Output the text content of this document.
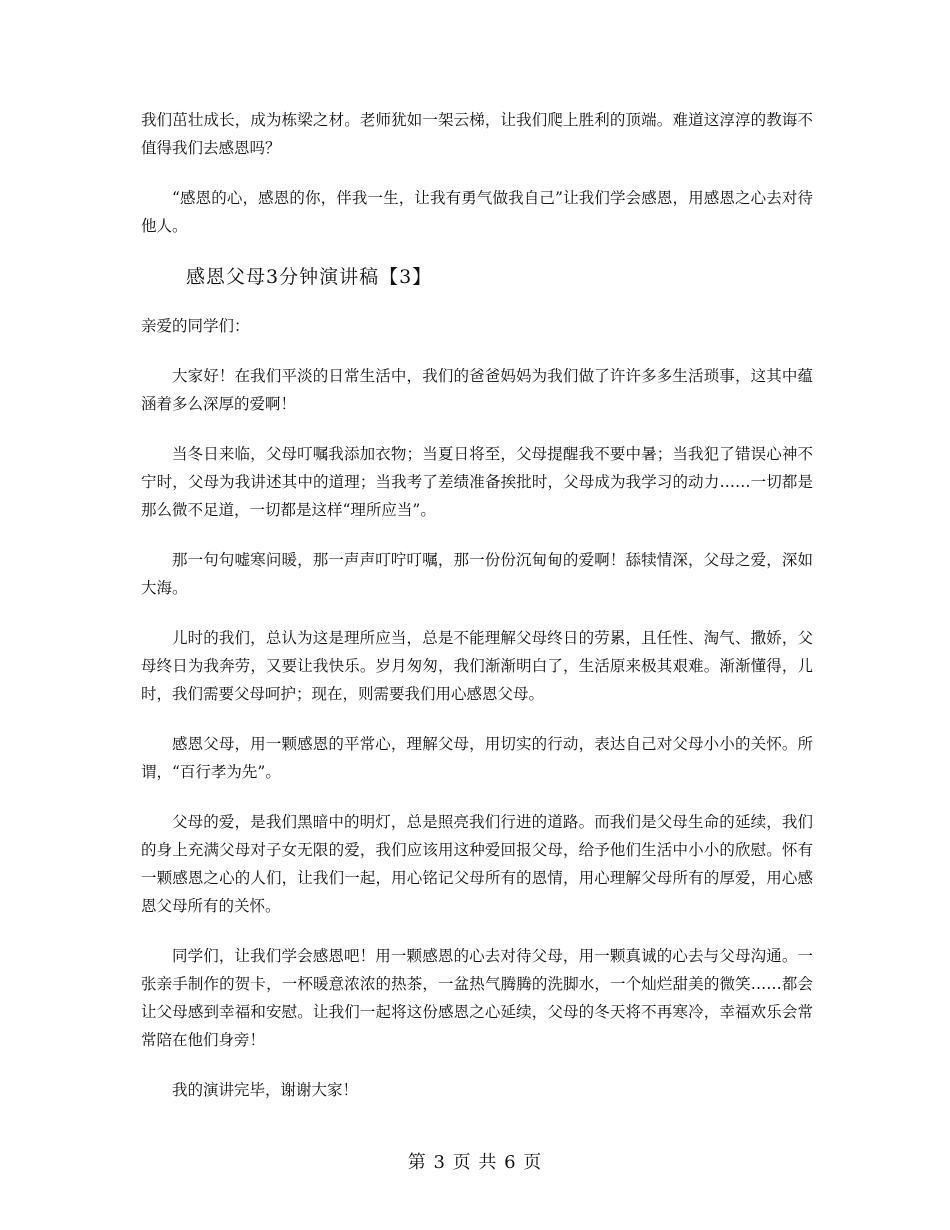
我们茁壮成长，成为栋梁之材。老师犹如一架云梯，让我们爬上胜利的顶端。难道这淳淳的教诲不值得我们去感恩吗？

“感恩的心，感恩的你，伴我一生，让我有勇气做我自己”让我们学会感恩，用感恩之心去对待他人。

感恩父母3分钟演讲稿【3】

亲爱的同学们：

大家好！在我们平淡的日常生活中，我们的爸爸妈妈为我们做了许许多多生活琐事，这其中蕴涵着多么深厚的爱啊！

当冬日来临，父母叮嘱我添加衣物；当夏日将至，父母提醒我不要中暑；当我犯了错误心神不宁时，父母为我讲述其中的道理；当我考了差绩准备挨批时，父母成为我学习的动力……一切都是那么微不足道，一切都是这样“理所应当”。

那一句句嘘寒问暖，那一声声叮咛叮嘱，那一份份沉甸甸的爱啊！舔犊情深，父母之爱，深如大海。

儿时的我们，总认为这是理所应当，总是不能理解父母终日的劳累，且任性、淘气、撒娇，父母终日为我奔劳，又要让我快乐。岁月匆匆，我们渐渐明白了，生活原来极其艰难。渐渐懂得，儿时，我们需要父母呵护；现在，则需要我们用心感恩父母。

感恩父母，用一颗感恩的平常心，理解父母，用切实的行动，表达自己对父母小小的关怀。所谓，“百行孝为先”。

父母的爱，是我们黑暗中的明灯，总是照亮我们行进的道路。而我们是父母生命的延续，我们的身上充满父母对子女无限的爱，我们应该用这种爱回报父母，给予他们生活中小小的欣慰。怀有一颗感恩之心的人们，让我们一起，用心铭记父母所有的恩情，用心理解父母所有的厚爱，用心感恩父母所有的关怀。

同学们，让我们学会感恩吧！用一颗感恩的心去对待父母，用一颗真诚的心去与父母沟通。一张亲手制作的贺卡，一杯暖意浓浓的热茶，一盆热气腾腾的洗脚水，一个灿烂甜美的微笑……都会让父母感到幸福和安慰。让我们一起将这份感恩之心延续，父母的冬天将不再寒冷，幸福欢乐会常常陪在他们身旁！

我的演讲完毕，谢谢大家！

第 3 页 共 6 页
